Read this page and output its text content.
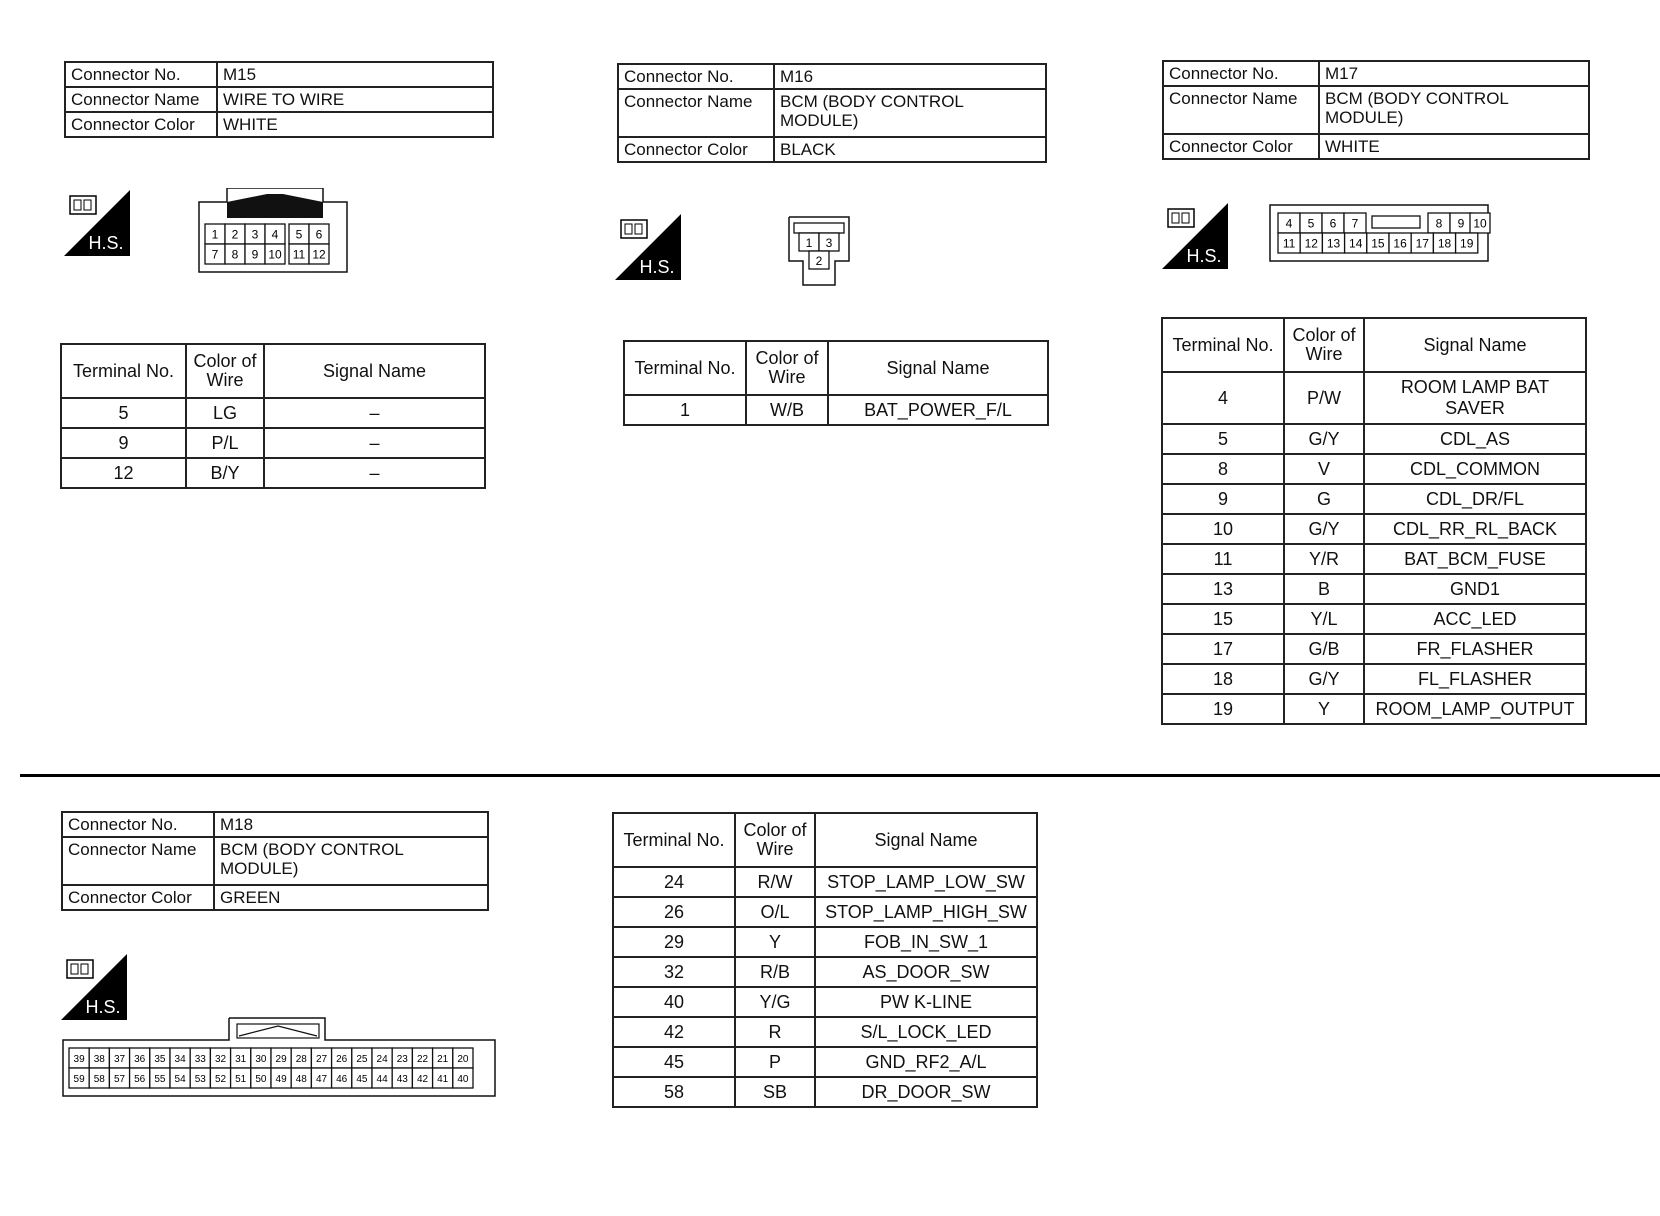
Connector No.	M15
Connector Name	WIRE TO WIRE
Connector Color	WHITE
H.S.	1 2 3 4 5 6
7 8 9 10 11 12
Terminal No.	Color of Wire	Signal Name
5	LG	–
9	P/L	–
12	B/Y	–
Connector No.	M16
Connector Name	BCM (BODY CONTROL MODULE)
Connector Color	BLACK
H.S.
1 3
2
Terminal No.	Color of Wire	Signal Name
1	W/B	BAT_POWER_F/L
Connector No.	M17
Connector Name	BCM (BODY CONTROL MODULE)
Connector Color	WHITE
H.S.
4 5 6 7	8 9 10
11 12 13 14 15 16 17 18 19
Terminal No.	Color of Wire	Signal Name
4	P/W	ROOM LAMP BAT SAVER
5	G/Y	CDL_AS
8	V	CDL_COMMON
9	G	CDL_DR/FL
10	G/Y	CDL_RR_RL_BACK
11	Y/R	BAT_BCM_FUSE
13	B	GND1
15	Y/L	ACC_LED
17	G/B	FR_FLASHER
18	G/Y	FL_FLASHER
19	Y	ROOM_LAMP_OUTPUT
Connector No.	M18
Connector Name	BCM (BODY CONTROL MODULE)
Connector Color	GREEN
H.S.
39 38 37 36 35 34 33 32 31 30 29 28 27 26 25 24 23 22 21 20
59 58 57 56 55 54 53 52 51 50 49 48 47 46 45 44 43 42 41 40
Terminal No.	Color of Wire	Signal Name
24	R/W	STOP_LAMP_LOW_SW
26	O/L	STOP_LAMP_HIGH_SW
29	Y	FOB_IN_SW_1
32	R/B	AS_DOOR_SW
40	Y/G	PW K-LINE
42	R	S/L_LOCK_LED
45	P	GND_RF2_A/L
58	SB	DR_DOOR_SW
